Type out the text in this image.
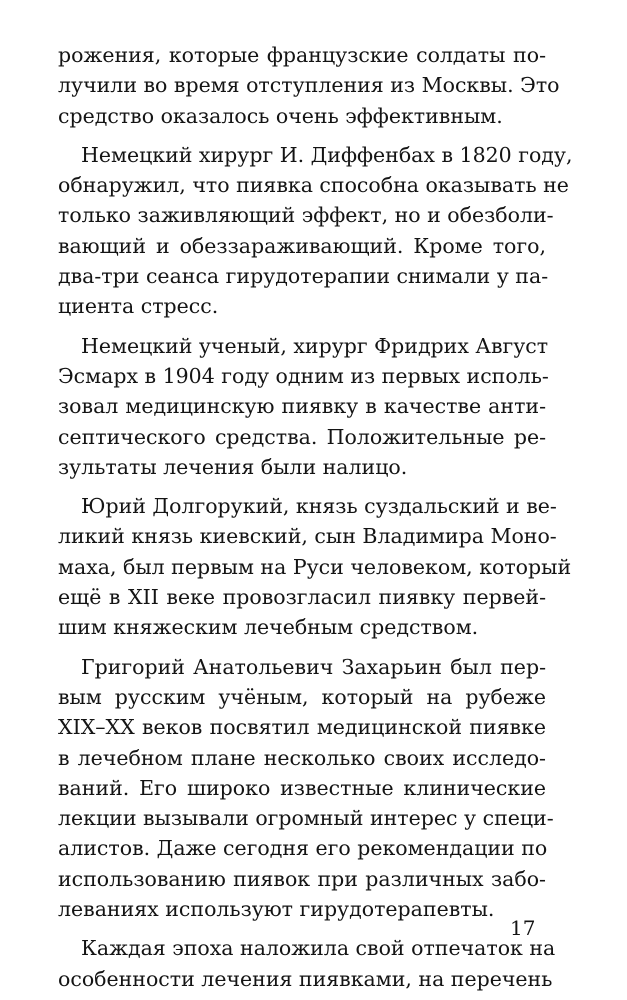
рожения, которые французские солдаты по-
лучили во время отступления из Москвы. Это
средство оказалось очень эффективным.
Немецкий хирург И. Диффенбах в 1820 году,
обнаружил, что пиявка способна оказывать не
только заживляющий эффект, но и обезболи-
вающий и обеззараживающий. Кроме того,
два-три сеанса гирудотерапии снимали у па-
циента стресс.
Немецкий ученый, хирург Фридрих Август
Эсмарх в 1904 году одним из первых исполь-
зовал медицинскую пиявку в качестве анти-
септического средства. Положительные ре-
зультаты лечения были налицо.
Юрий Долгорукий, князь суздальский и ве-
ликий князь киевский, сын Владимира Моно-
маха, был первым на Руси человеком, который
ещё в XII веке провозгласил пиявку первей-
шим княжеским лечебным средством.
Григорий Анатольевич Захарьин был пер-
вым русским учёным, который на рубеже
XIX–XX веков посвятил медицинской пиявке
в лечебном плане несколько своих исследо-
ваний. Его широко известные клинические
лекции вызывали огромный интерес у специ-
алистов. Даже сегодня его рекомендации по
использованию пиявок при различных забо-
леваниях используют гирудотерапевты.
Каждая эпоха наложила свой отпечаток на
особенности лечения пиявками, на перечень
17
